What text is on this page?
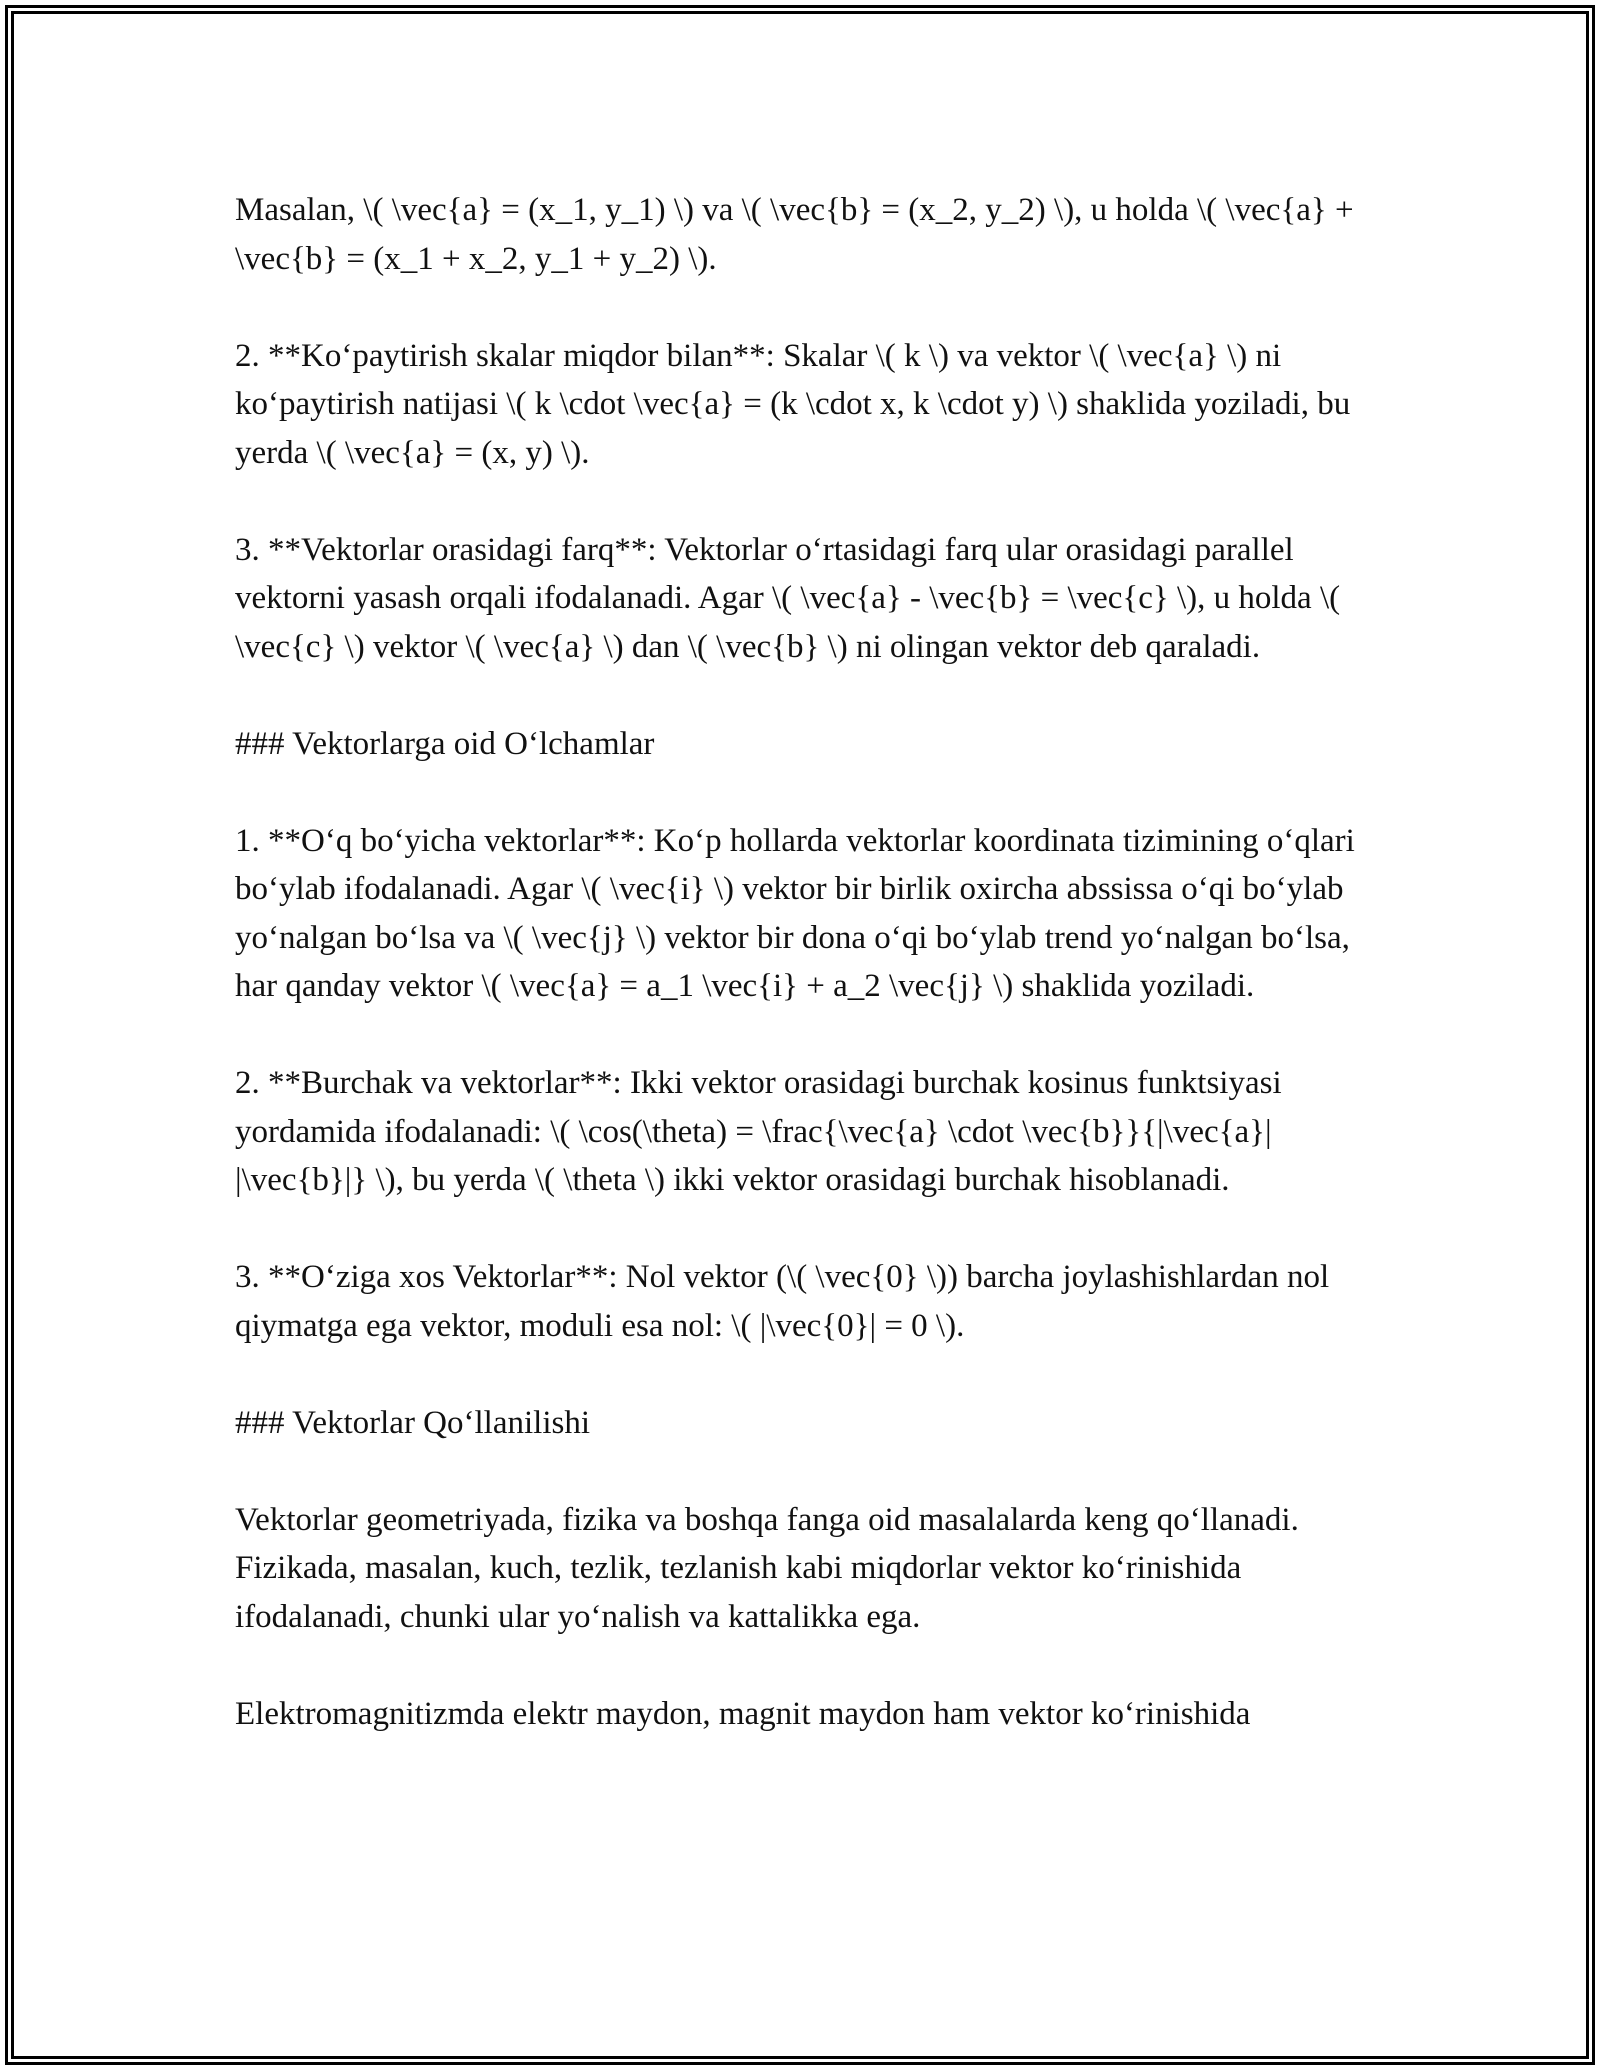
Masalan, \( \vec{a} = (x_1, y_1) \) va \( \vec{b} = (x_2, y_2) \), u holda \( \vec{a} + \vec{b} = (x_1 + x_2, y_1 + y_2) \).

2. **Ko‘paytirish skalar miqdor bilan**: Skalar \( k \) va vektor \( \vec{a} \) ni ko‘paytirish natijasi \( k \cdot \vec{a} = (k \cdot x, k \cdot y) \) shaklida yoziladi, bu yerda \( \vec{a} = (x, y) \).

3. **Vektorlar orasidagi farq**: Vektorlar o‘rtasidagi farq ular orasidagi parallel vektorni yasash orqali ifodalanadi. Agar \( \vec{a} - \vec{b} = \vec{c} \), u holda \( \vec{c} \) vektor \( \vec{a} \) dan \( \vec{b} \) ni olingan vektor deb qaraladi.

### Vektorlarga oid O‘lchamlar

1. **O‘q bo‘yicha vektorlar**: Ko‘p hollarda vektorlar koordinata tizimining o‘qlari bo‘ylab ifodalanadi. Agar \( \vec{i} \) vektor bir birlik oxircha abssissa o‘qi bo‘ylab yo‘nalgan bo‘lsa va \( \vec{j} \) vektor bir dona o‘qi bo‘ylab trend yo‘nalgan bo‘lsa, har qanday vektor \( \vec{a} = a_1 \vec{i} + a_2 \vec{j} \) shaklida yoziladi.

2. **Burchak va vektorlar**: Ikki vektor orasidagi burchak kosinus funktsiyasi yordamida ifodalanadi: \( \cos(\theta) = \frac{\vec{a} \cdot \vec{b}}{|\vec{a}| |\vec{b}|} \), bu yerda \( \theta \) ikki vektor orasidagi burchak hisoblanadi.

3. **O‘ziga xos Vektorlar**: Nol vektor (\( \vec{0} \)) barcha joylashishlardan nol qiymatga ega vektor, moduli esa nol: \( |\vec{0}| = 0 \).

### Vektorlar Qo‘llanilishi

Vektorlar geometriyada, fizika va boshqa fanga oid masalalarda keng qo‘llanadi. Fizikada, masalan, kuch, tezlik, tezlanish kabi miqdorlar vektor ko‘rinishida ifodalanadi, chunki ular yo‘nalish va kattalikka ega.

Elektromagnitizmda elektr maydon, magnit maydon ham vektor ko‘rinishida
